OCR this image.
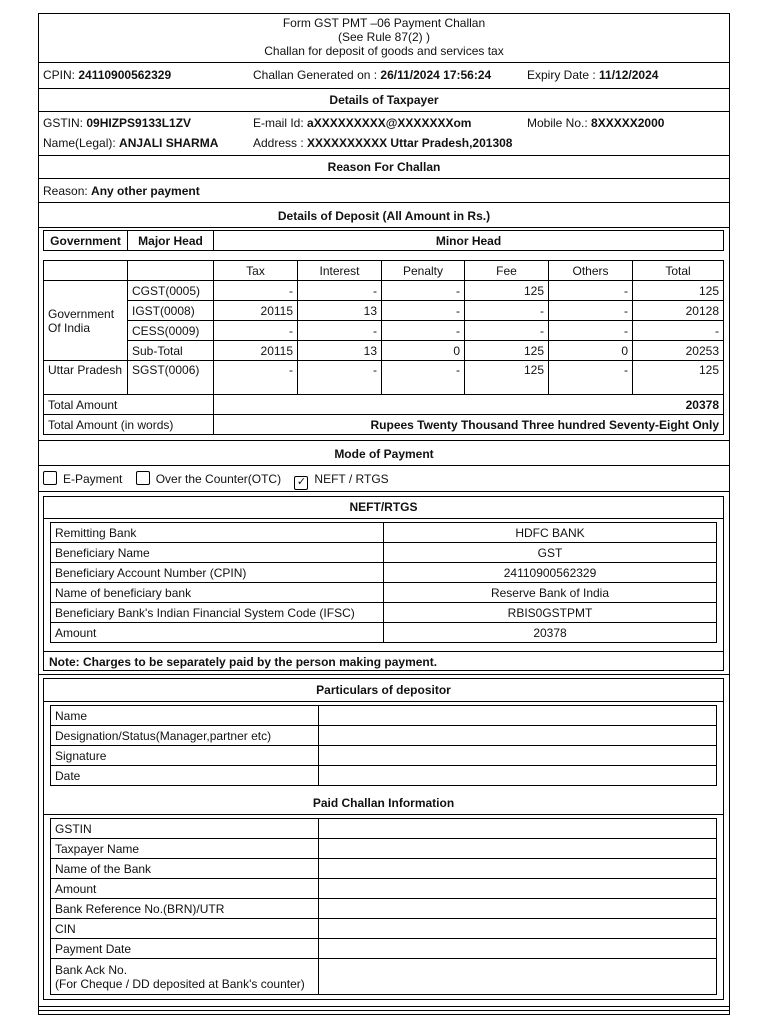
Form GST PMT –06 Payment Challan
(See Rule 87(2) )
Challan for deposit of goods and services tax
CPIN: 24110900562329	Challan Generated on : 26/11/2024 17:56:24	Expiry Date : 11/12/2024
Details of Taxpayer
GSTIN: 09HIZPS9133L1ZV	E-mail Id: aXXXXXXXXX@XXXXXXXom	Mobile No.: 8XXXXX2000
Name(Legal): ANJALI SHARMA	Address : XXXXXXXXXX Uttar Pradesh,201308
Reason For Challan
Reason: Any other payment
Details of Deposit (All Amount in Rs.)
Government	Major Head	Minor Head
		Tax	Interest	Penalty	Fee	Others	Total
Government Of India	CGST(0005)	-	-	-	125	-	125
	IGST(0008)	20115	13	-	-	-	20128
	CESS(0009)	-	-	-	-	-	-
	Sub-Total	20115	13	0	125	0	20253
Uttar Pradesh	SGST(0006)	-	-	-	125	-	125
Total Amount		20378					
Total Amount (in words)		Rupees Twenty Thousand Three hundred Seventy-Eight Only					
Mode of Payment
E-Payment	Over the Counter(OTC) ✓ NEFT / RTGS
NEFT/RTGS
Remitting Bank	HDFC BANK
Beneficiary Name	GST
Beneficiary Account Number (CPIN)	24110900562329
Name of beneficiary bank	Reserve Bank of India
Beneficiary Bank's Indian Financial System Code (IFSC)	RBIS0GSTPMT
Amount	20378
Note: Charges to be separately paid by the person making payment.
Particulars of depositor
Name	
Designation/Status(Manager,partner etc)	
Signature	
Date	
Paid Challan Information
GSTIN	
Taxpayer Name	
Name of the Bank	
Amount	
Bank Reference No.(BRN)/UTR	
CIN	
Payment Date	

Bank Ack No.
(For Cheque / DD deposited at Bank's counter)	
